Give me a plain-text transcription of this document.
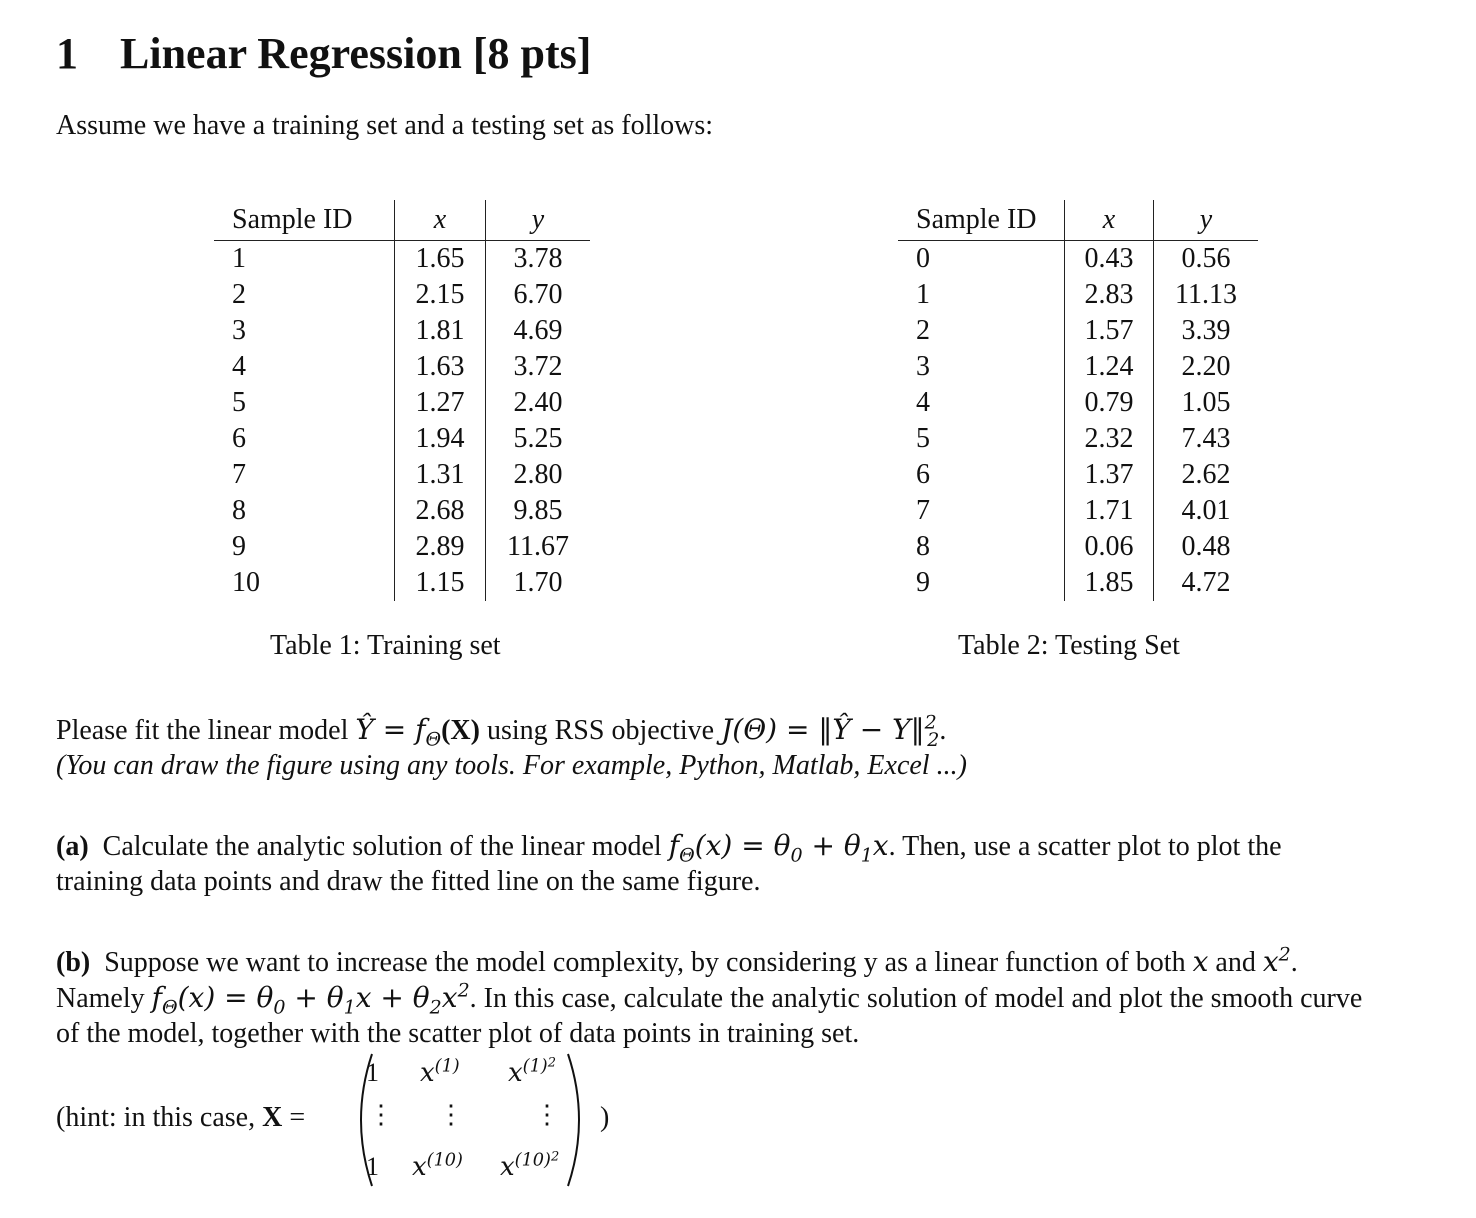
1 Linear Regression [8 pts]
Assume we have a training set and a testing set as follows:
Sample ID	x	y
1	1.65	3.78
2	2.15	6.70
3	1.81	4.69
4	1.63	3.72
5	1.27	2.40
6	1.94	5.25
7	1.31	2.80
8	2.68	9.85
9	2.89	11.67
10	1.15	1.70
Table 1: Training set
Sample ID	x	y
0	0.43	0.56
1	2.83	11.13
2	1.57	3.39
3	1.24	2.20
4	0.79	1.05
5	2.32	7.43
6	1.37	2.62
7	1.71	4.01
8	0.06	0.48
9	1.85	4.72
Table 2: Testing Set
Please fit the linear model Ŷ = $f_\Theta(X)$ using RSS objective J(Θ) = ‖Ŷ − Y‖$^2_2$.
(You can draw the figure using any tools. For example, Python, Matlab, Excel ...)
(a) Calculate the analytic solution of the linear model $f_\Theta(x) = \theta_0 + \theta_1x$. Then, use a scatter plot to plot the
training data points and draw the fitted line on the same figure.
(b) Suppose we want to increase the model complexity, by considering y as a linear function of both x and $x^2$.
Namely $f_\Theta(x) = \theta_0 + \theta_1x + \theta_2x^2$. In this case, calculate the analytic solution of model and plot the smooth curve
of the model, together with the scatter plot of data points in training set.
(hint: in this case, X =
1 $x^{(1)}$ $x^{(1)2}$
⋮ ⋮	⋮
1 $x^{(10)}$ $x^{(10)2}$
)
